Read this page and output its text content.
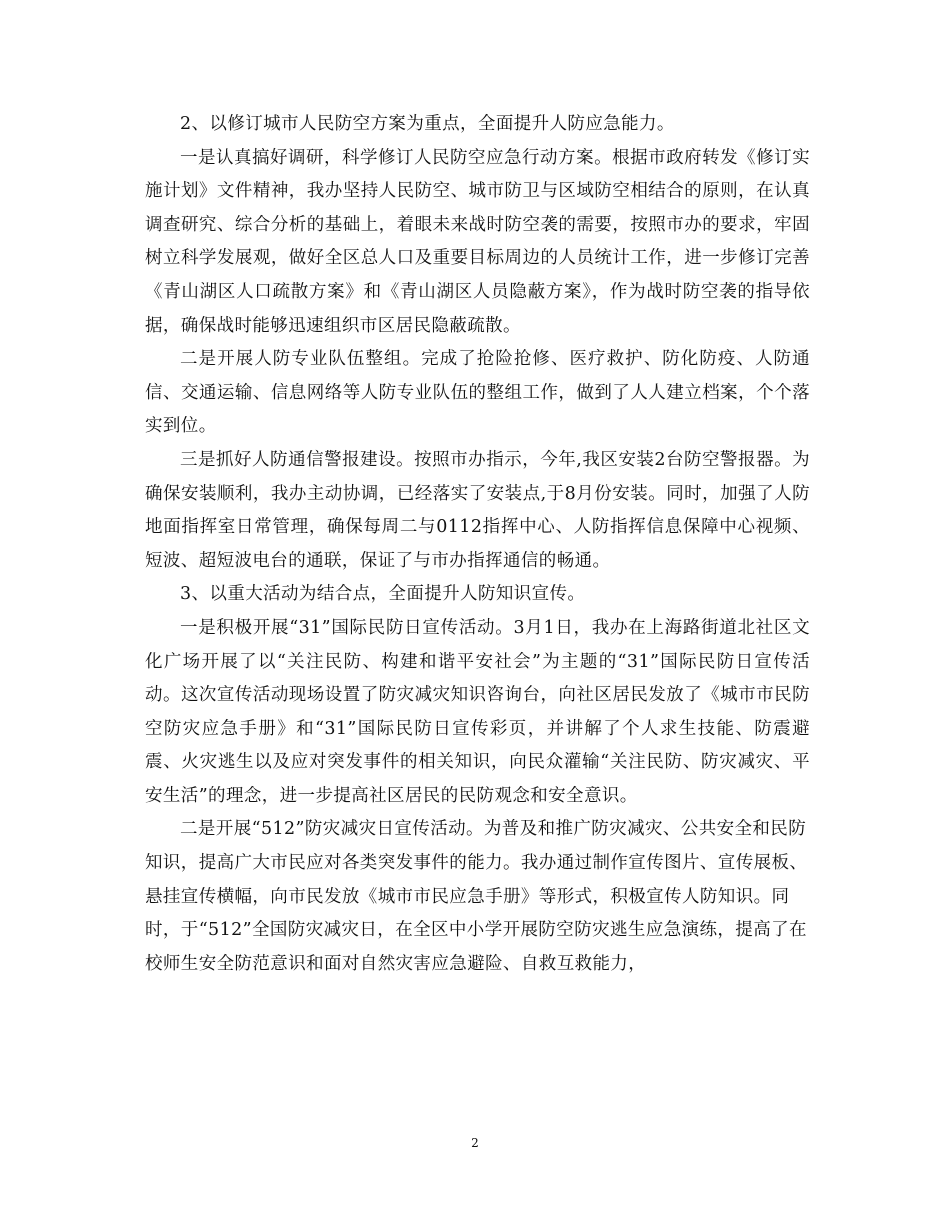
2、以修订城市人民防空方案为重点，全面提升人防应急能力。

一是认真搞好调研，科学修订人民防空应急行动方案。根据市政府转发《修订实施计划》文件精神，我办坚持人民防空、城市防卫与区域防空相结合的原则，在认真调查研究、综合分析的基础上，着眼未来战时防空袭的需要，按照市办的要求，牢固树立科学发展观，做好全区总人口及重要目标周边的人员统计工作，进一步修订完善《青山湖区人口疏散方案》和《青山湖区人员隐蔽方案》，作为战时防空袭的指导依据，确保战时能够迅速组织市区居民隐蔽疏散。

二是开展人防专业队伍整组。完成了抢险抢修、医疗救护、防化防疫、人防通信、交通运输、信息网络等人防专业队伍的整组工作，做到了人人建立档案，个个落实到位。

三是抓好人防通信警报建设。按照市办指示，今年,我区安装2台防空警报器。为确保安装顺利，我办主动协调，已经落实了安装点,于8月份安装。同时，加强了人防地面指挥室日常管理，确保每周二与0112指挥中心、人防指挥信息保障中心视频、短波、超短波电台的通联，保证了与市办指挥通信的畅通。

3、以重大活动为结合点，全面提升人防知识宣传。

一是积极开展“31”国际民防日宣传活动。3月1日，我办在上海路街道北社区文化广场开展了以“关注民防、构建和谐平安社会”为主题的“31”国际民防日宣传活动。这次宣传活动现场设置了防灾减灾知识咨询台，向社区居民发放了《城市市民防空防灾应急手册》和“31”国际民防日宣传彩页，并讲解了个人求生技能、防震避震、火灾逃生以及应对突发事件的相关知识，向民众灌输“关注民防、防灾减灾、平安生活”的理念，进一步提高社区居民的民防观念和安全意识。

二是开展“512”防灾减灾日宣传活动。为普及和推广防灾减灾、公共安全和民防知识，提高广大市民应对各类突发事件的能力。我办通过制作宣传图片、宣传展板、悬挂宣传横幅，向市民发放《城市市民应急手册》等形式，积极宣传人防知识。同时，于“512”全国防灾减灾日，在全区中小学开展防空防灾逃生应急演练，提高了在校师生安全防范意识和面对自然灾害应急避险、自救互救能力，

2
